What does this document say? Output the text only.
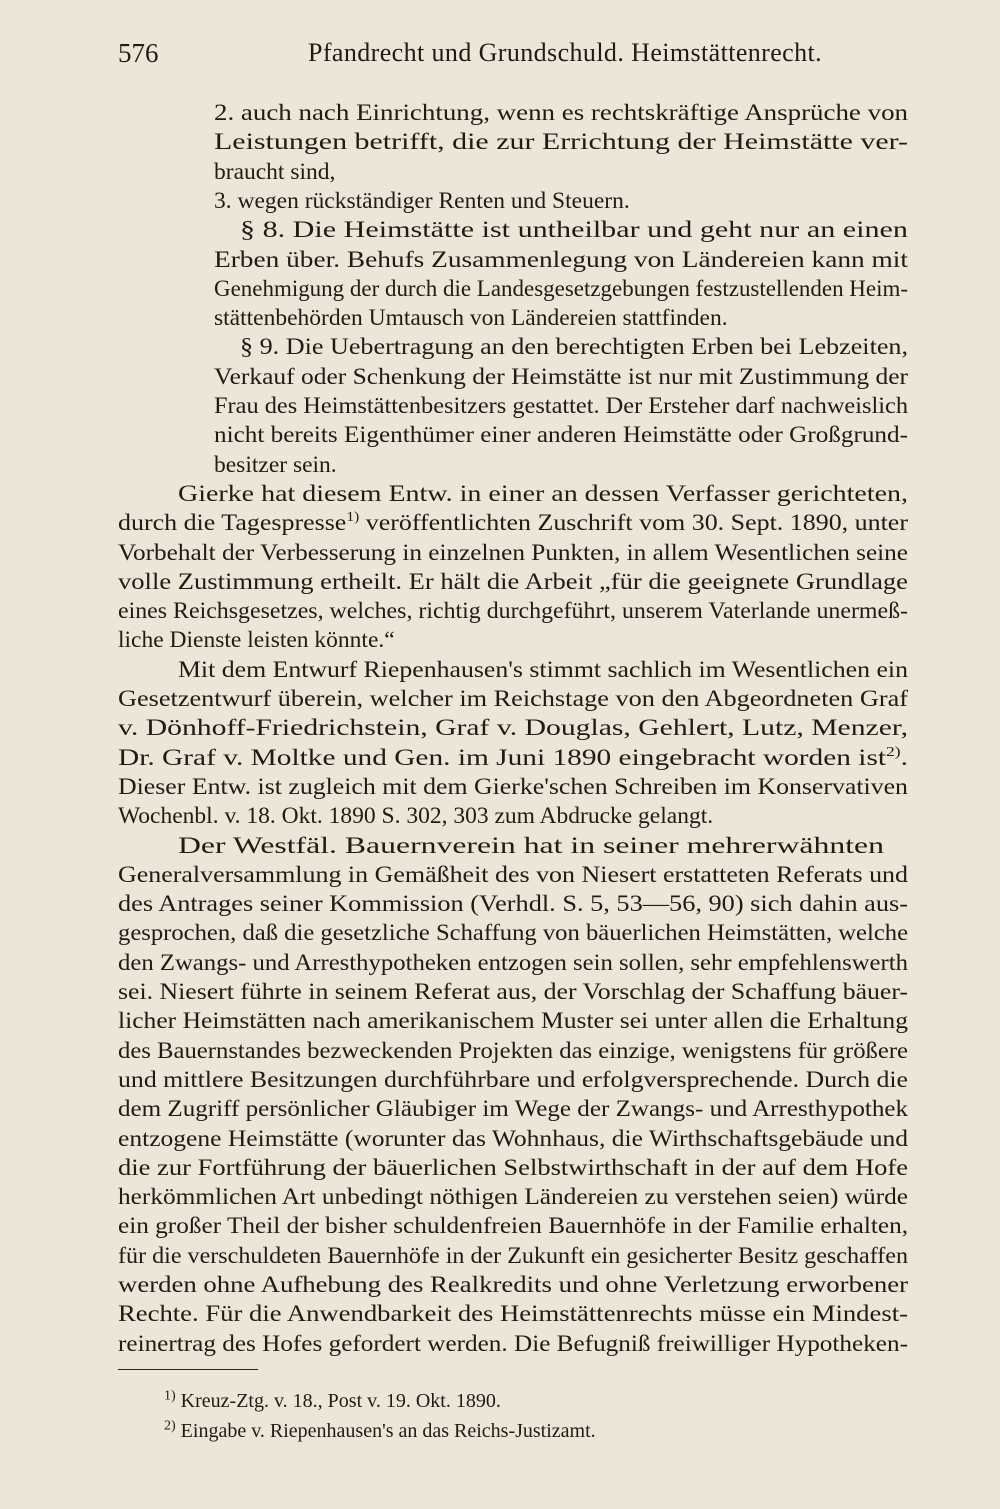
576	Pfandrecht und Grundschuld. Heimstättenrecht.
2. auch nach Einrichtung, wenn es rechtskräftige Ansprüche von
Leistungen betrifft, die zur Errichtung der Heimstätte ver-
braucht sind,
3. wegen rückständiger Renten und Steuern.
§ 8. Die Heimstätte ist untheilbar und geht nur an einen
Erben über. Behufs Zusammenlegung von Ländereien kann mit
Genehmigung der durch die Landesgesetzgebungen festzustellenden Heim-
stättenbehörden Umtausch von Ländereien stattfinden.
§ 9. Die Uebertragung an den berechtigten Erben bei Lebzeiten,
Verkauf oder Schenkung der Heimstätte ist nur mit Zustimmung der
Frau des Heimstättenbesitzers gestattet. Der Ersteher darf nachweislich
nicht bereits Eigenthümer einer anderen Heimstätte oder Großgrund-
besitzer sein.
Gierke hat diesem Entw. in einer an dessen Verfasser gerichteten,
durch die Tagespresse$^{1)}$ veröffentlichten Zuschrift vom 30. Sept. 1890, unter
Vorbehalt der Verbesserung in einzelnen Punkten, in allem Wesentlichen seine
volle Zustimmung ertheilt. Er hält die Arbeit „für die geeignete Grundlage
eines Reichsgesetzes, welches, richtig durchgeführt, unserem Vaterlande unermeß-
liche Dienste leisten könnte.“
Mit dem Entwurf Riepenhausen's stimmt sachlich im Wesentlichen ein
Gesetzentwurf überein, welcher im Reichstage von den Abgeordneten Graf
v. Dönhoff-Friedrichstein, Graf v. Douglas, Gehlert, Lutz, Menzer,
Dr. Graf v. Moltke und Gen. im Juni 1890 eingebracht worden ist$^{2)}$.
Dieser Entw. ist zugleich mit dem Gierke'schen Schreiben im Konservativen
Wochenbl. v. 18. Okt. 1890 S. 302, 303 zum Abdrucke gelangt.
Der Westfäl. Bauernverein hat in seiner mehrerwähnten
Generalversammlung in Gemäßheit des von Niesert erstatteten Referats und
des Antrages seiner Kommission (Verhdl. S. 5, 53—56, 90) sich dahin aus-
gesprochen, daß die gesetzliche Schaffung von bäuerlichen Heimstätten, welche
den Zwangs- und Arresthypotheken entzogen sein sollen, sehr empfehlenswerth
sei. Niesert führte in seinem Referat aus, der Vorschlag der Schaffung bäuer-
licher Heimstätten nach amerikanischem Muster sei unter allen die Erhaltung
des Bauernstandes bezweckenden Projekten das einzige, wenigstens für größere
und mittlere Besitzungen durchführbare und erfolgversprechende. Durch die
dem Zugriff persönlicher Gläubiger im Wege der Zwangs- und Arresthypothek
entzogene Heimstätte (worunter das Wohnhaus, die Wirthschaftsgebäude und
die zur Fortführung der bäuerlichen Selbstwirthschaft in der auf dem Hofe
herkömmlichen Art unbedingt nöthigen Ländereien zu verstehen seien) würde
ein großer Theil der bisher schuldenfreien Bauernhöfe in der Familie erhalten,
für die verschuldeten Bauernhöfe in der Zukunft ein gesicherter Besitz geschaffen
werden ohne Aufhebung des Realkredits und ohne Verletzung erworbener
Rechte. Für die Anwendbarkeit des Heimstättenrechts müsse ein Mindest-
reinertrag des Hofes gefordert werden. Die Befugniß freiwilliger Hypotheken-
$^{1)}$ Kreuz-Ztg. v. 18., Post v. 19. Okt. 1890.
$^{2)}$ Eingabe v. Riepenhausen's an das Reichs-Justizamt.
